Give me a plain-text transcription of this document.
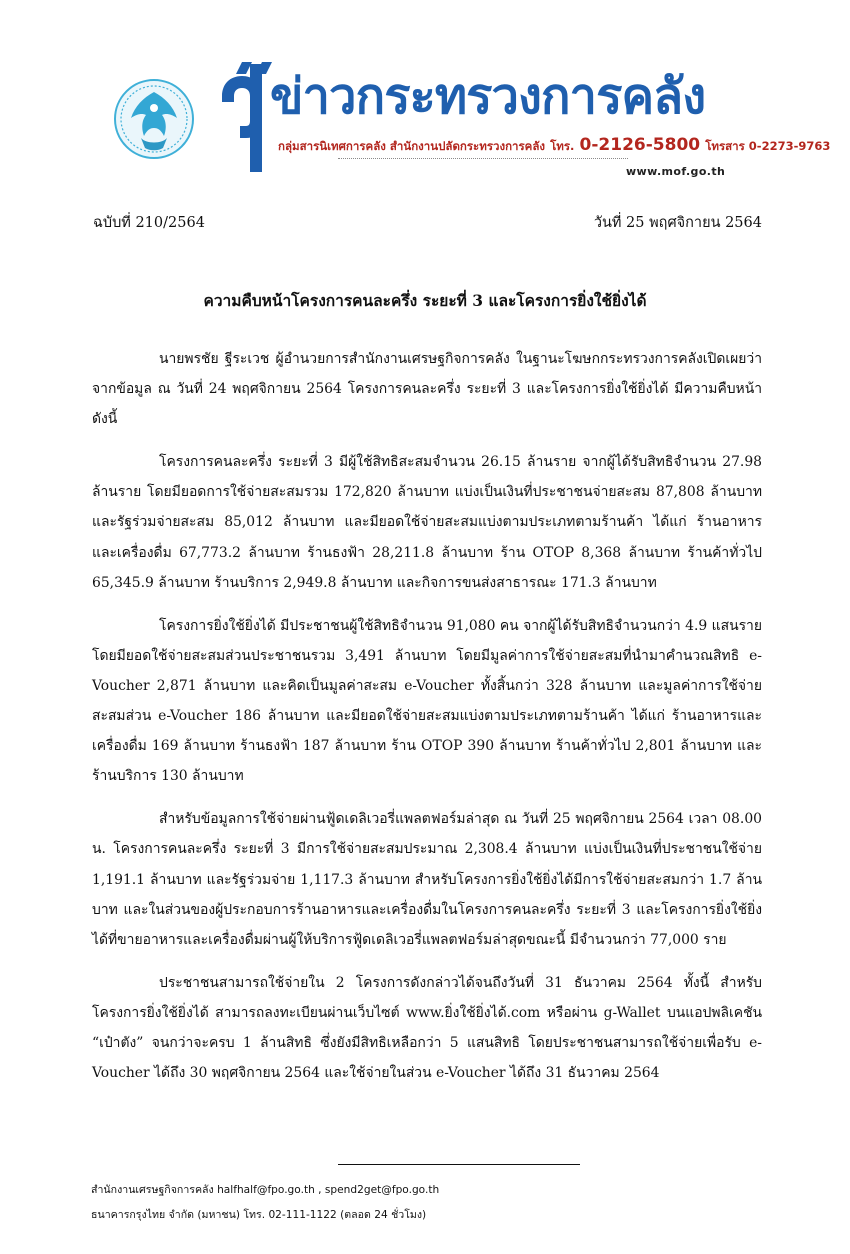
ข่าวกระทรวงการคลัง
กลุ่มสารนิเทศการคลัง สำนักงานปลัดกระทรวงการคลัง โทร. 0-2126-5800 โทรสาร 0-2273-9763
www.mof.go.th
ฉบับที่ 210/2564	วันที่ 25 พฤศจิกายน 2564
ความคืบหน้าโครงการคนละครึ่ง ระยะที่ 3 และโครงการยิ่งใช้ยิ่งได้

นายพรชัย ฐีระเวช ผู้อำนวยการสำนักงานเศรษฐกิจการคลัง ในฐานะโฆษกกระทรวงการคลังเปิดเผยว่า จากข้อมูล ณ วันที่ 24 พฤศจิกายน 2564 โครงการคนละครึ่ง ระยะที่ 3 และโครงการยิ่งใช้ยิ่งได้ มีความคืบหน้า ดังนี้

โครงการคนละครึ่ง ระยะที่ 3 มีผู้ใช้สิทธิสะสมจำนวน 26.15 ล้านราย จากผู้ได้รับสิทธิจำนวน 27.98 ล้านราย โดยมียอดการใช้จ่ายสะสมรวม 172,820 ล้านบาท แบ่งเป็นเงินที่ประชาชนจ่ายสะสม 87,808 ล้านบาท และรัฐร่วมจ่ายสะสม 85,012 ล้านบาท และมียอดใช้จ่ายสะสมแบ่งตามประเภทตามร้านค้า ได้แก่ ร้านอาหาร และเครื่องดื่ม 67,773.2 ล้านบาท ร้านธงฟ้า 28,211.8 ล้านบาท ร้าน OTOP 8,368 ล้านบาท ร้านค้าทั่วไป 65,345.9 ล้านบาท ร้านบริการ 2,949.8 ล้านบาท และกิจการขนส่งสาธารณะ 171.3 ล้านบาท

โครงการยิ่งใช้ยิ่งได้ มีประชาชนผู้ใช้สิทธิจำนวน 91,080 คน จากผู้ได้รับสิทธิจำนวนกว่า 4.9 แสนราย โดยมียอดใช้จ่ายสะสมส่วนประชาชนรวม 3,491 ล้านบาท โดยมีมูลค่าการใช้จ่ายสะสมที่นำมาคำนวณสิทธิ e-Voucher 2,871 ล้านบาท และคิดเป็นมูลค่าสะสม e-Voucher ทั้งสิ้นกว่า 328 ล้านบาท และมูลค่าการใช้จ่ายสะสมส่วน e-Voucher 186 ล้านบาท และมียอดใช้จ่ายสะสมแบ่งตามประเภทตามร้านค้า ได้แก่ ร้านอาหารและเครื่องดื่ม 169 ล้านบาท ร้านธงฟ้า 187 ล้านบาท ร้าน OTOP 390 ล้านบาท ร้านค้าทั่วไป 2,801 ล้านบาท และร้านบริการ 130 ล้านบาท

สำหรับข้อมูลการใช้จ่ายผ่านฟู้ดเดลิเวอรี่แพลตฟอร์มล่าสุด ณ วันที่ 25 พฤศจิกายน 2564 เวลา 08.00 น. โครงการคนละครึ่ง ระยะที่ 3 มีการใช้จ่ายสะสมประมาณ 2,308.4 ล้านบาท แบ่งเป็นเงินที่ประชาชนใช้จ่าย 1,191.1 ล้านบาท และรัฐร่วมจ่าย 1,117.3 ล้านบาท สำหรับโครงการยิ่งใช้ยิ่งได้มีการใช้จ่ายสะสมกว่า 1.7 ล้านบาท และในส่วนของผู้ประกอบการร้านอาหารและเครื่องดื่มในโครงการคนละครึ่ง ระยะที่ 3 และโครงการยิ่งใช้ยิ่งได้ที่ขายอาหารและเครื่องดื่มผ่านผู้ให้บริการฟู้ดเดลิเวอรี่แพลตฟอร์มล่าสุดขณะนี้ มีจำนวนกว่า 77,000 ราย

ประชาชนสามารถใช้จ่ายใน 2 โครงการดังกล่าวได้จนถึงวันที่ 31 ธันวาคม 2564 ทั้งนี้ สำหรับโครงการยิ่งใช้ยิ่งได้ สามารถลงทะเบียนผ่านเว็บไซต์ www.ยิ่งใช้ยิ่งได้.com หรือผ่าน g-Wallet บนแอปพลิเคชัน “เป๋าตัง” จนกว่าจะครบ 1 ล้านสิทธิ ซึ่งยังมีสิทธิเหลือกว่า 5 แสนสิทธิ โดยประชาชนสามารถใช้จ่ายเพื่อรับ e-Voucher ได้ถึง 30 พฤศจิกายน 2564 และใช้จ่ายในส่วน e-Voucher ได้ถึง 31 ธันวาคม 2564

สำนักงานเศรษฐกิจการคลัง halfhalf@fpo.go.th , spend2get@fpo.go.th
ธนาคารกรุงไทย จำกัด (มหาชน) โทร. 02-111-1122 (ตลอด 24 ชั่วโมง)
